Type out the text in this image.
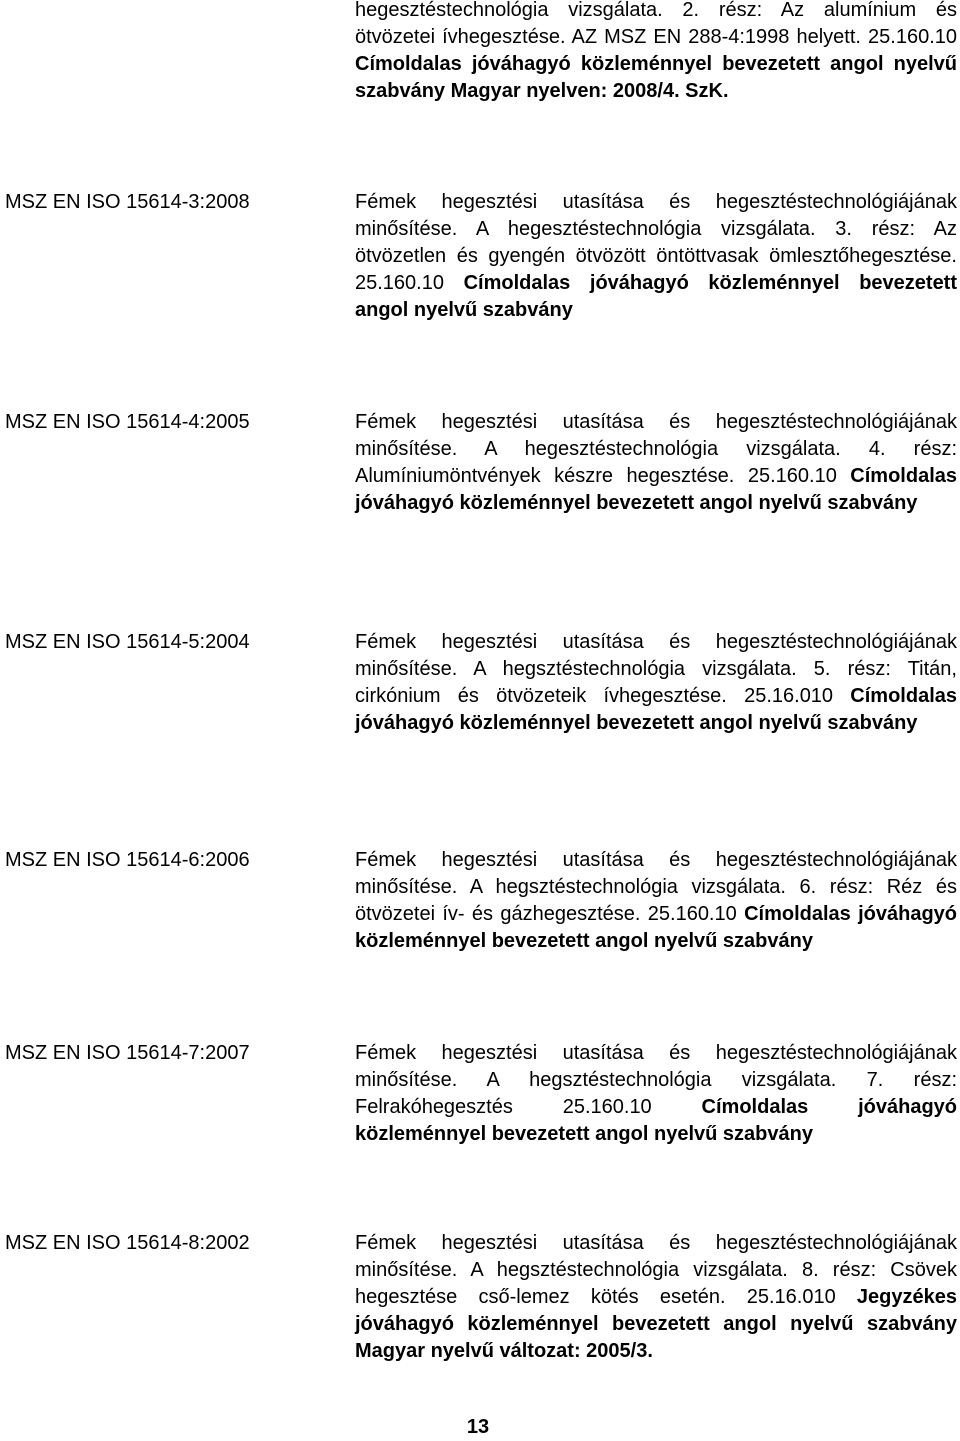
hegesztéstechnológia vizsgálata. 2. rész: Az alumínium és ötvözetei ívhegesztése. AZ MSZ EN 288-4:1998 helyett. 25.160.10 Címoldalas jóváhagyó közleménnyel bevezetett angol nyelvű szabvány Magyar nyelven: 2008/4. SzK.

MSZ EN ISO 15614-3:2008	Fémek hegesztési utasítása és hegesztéstechnológiájának minősítése. A hegesztéstechnológia vizsgálata. 3. rész: Az ötvözetlen és gyengén ötvözött öntöttvasak ömlesztőhegesztése. 25.160.10 Címoldalas jóváhagyó közleménnyel bevezetett angol nyelvű szabvány

MSZ EN ISO 15614-4:2005	Fémek hegesztési utasítása és hegesztéstechnológiájának minősítése. A hegesztéstechnológia vizsgálata. 4. rész: Alumíniumöntvények készre hegesztése. 25.160.10 Címoldalas jóváhagyó közleménnyel bevezetett angol nyelvű szabvány

MSZ EN ISO 15614-5:2004	Fémek hegesztési utasítása és hegesztéstechnológiájának minősítése. A hegsztéstechnológia vizsgálata. 5. rész: Titán, cirkónium és ötvözeteik ívhegesztése. 25.16.010 Címoldalas jóváhagyó közleménnyel bevezetett angol nyelvű szabvány

MSZ EN ISO 15614-6:2006	Fémek hegesztési utasítása és hegesztéstechnológiájának minősítése. A hegsztéstechnológia vizsgálata. 6. rész: Réz és ötvözetei ív- és gázhegesztése. 25.160.10 Címoldalas jóváhagyó közleménnyel bevezetett angol nyelvű szabvány

MSZ EN ISO 15614-7:2007	Fémek hegesztési utasítása és hegesztéstechnológiájának minősítése. A hegsztéstechnológia vizsgálata. 7. rész: Felrakóhegesztés 25.160.10 Címoldalas jóváhagyó közleménnyel bevezetett angol nyelvű szabvány

MSZ EN ISO 15614-8:2002	Fémek hegesztési utasítása és hegesztéstechnológiájának minősítése. A hegsztéstechnológia vizsgálata. 8. rész: Csövek hegesztése cső-lemez kötés esetén. 25.16.010 Jegyzékes jóváhagyó közleménnyel bevezetett angol nyelvű szabvány Magyar nyelvű változat: 2005/3.

13
